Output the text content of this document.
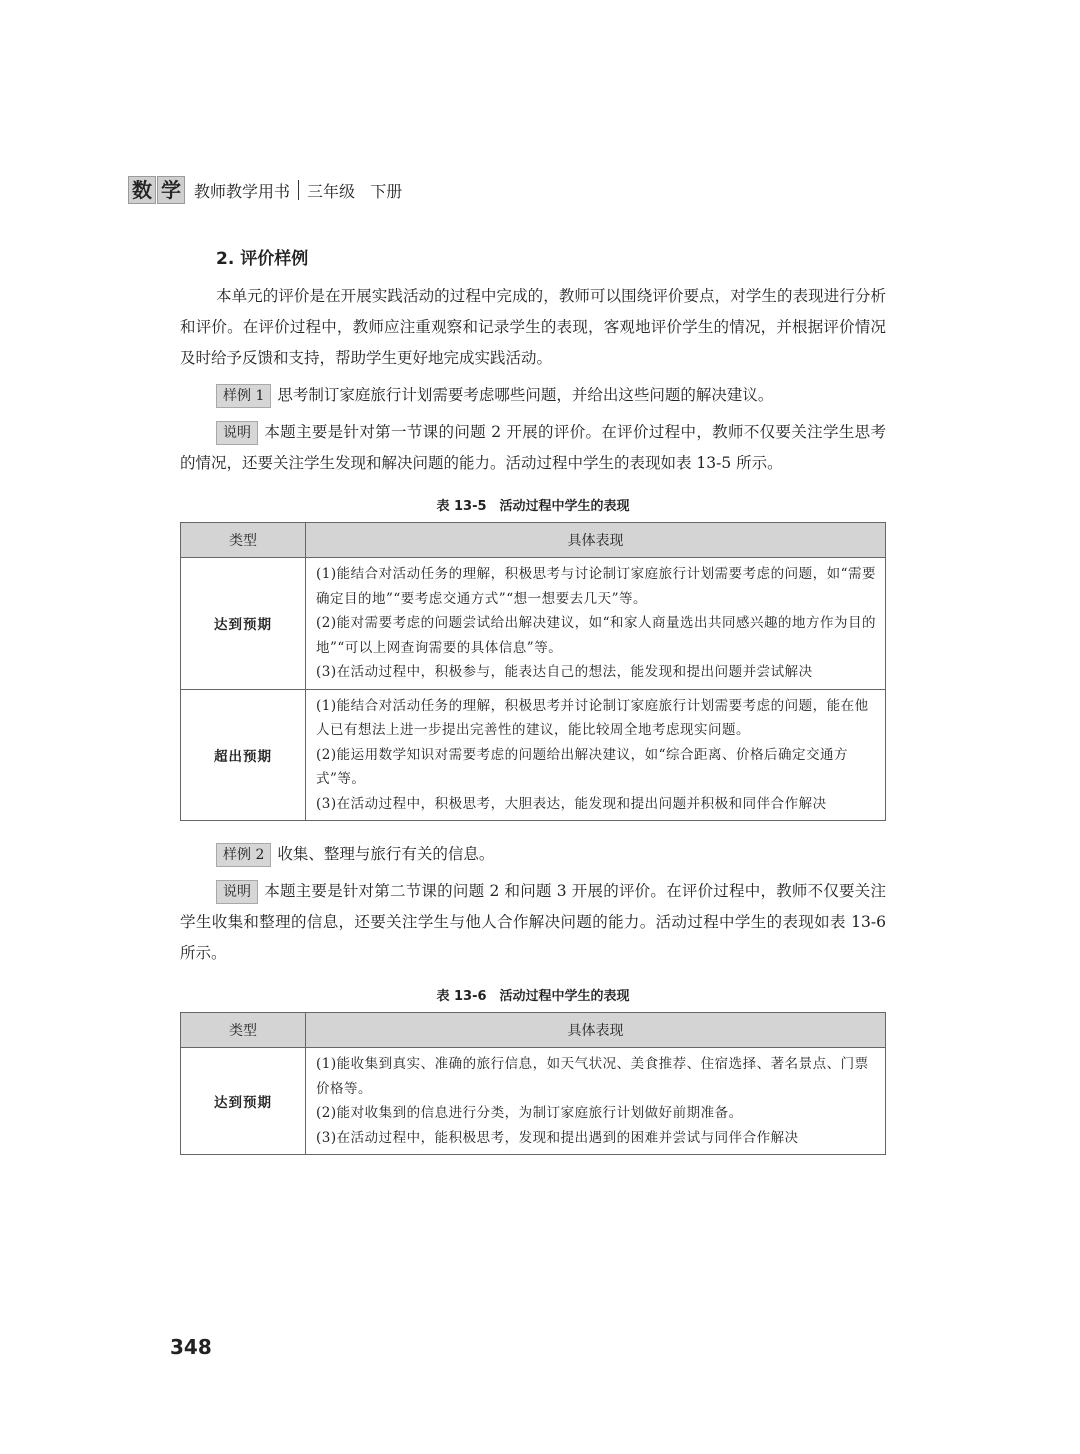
数 学 教师教学用书 三年级   下册
2. 评价样例

本单元的评价是在开展实践活动的过程中完成的，教师可以围绕评价要点，对学生的表现进行分析和评价。在评价过程中，教师应注重观察和记录学生的表现，客观地评价学生的情况，并根据评价情况及时给予反馈和支持，帮助学生更好地完成实践活动。

样例 1 思考制订家庭旅行计划需要考虑哪些问题，并给出这些问题的解决建议。

说明 本题主要是针对第一节课的问题 2 开展的评价。在评价过程中，教师不仅要关注学生思考的情况，还要关注学生发现和解决问题的能力。活动过程中学生的表现如表 13-5 所示。

表 13-5　活动过程中学生的表现
类型	具体表现
达到预期	(1)能结合对活动任务的理解，积极思考与讨论制订家庭旅行计划需要考虑的问题，如“需要确定目的地”“要考虑交通方式”“想一想要去几天”等。
(2)能对需要考虑的问题尝试给出解决建议，如“和家人商量选出共同感兴趣的地方作为目的地”“可以上网查询需要的具体信息”等。
(3)在活动过程中，积极参与，能表达自己的想法，能发现和提出问题并尝试解决

超出预期	(1)能结合对活动任务的理解，积极思考并讨论制订家庭旅行计划需要考虑的问题，能在他人已有想法上进一步提出完善性的建议，能比较周全地考虑现实问题。
(2)能运用数学知识对需要考虑的问题给出解决建议，如“综合距离、价格后确定交通方式”等。
(3)在活动过程中，积极思考，大胆表达，能发现和提出问题并积极和同伴合作解决

样例 2 收集、整理与旅行有关的信息。

说明 本题主要是针对第二节课的问题 2 和问题 3 开展的评价。在评价过程中，教师不仅要关注学生收集和整理的信息，还要关注学生与他人合作解决问题的能力。活动过程中学生的表现如表 13-6 所示。

表 13-6　活动过程中学生的表现
类型	具体表现
达到预期	(1)能收集到真实、准确的旅行信息，如天气状况、美食推荐、住宿选择、著名景点、门票价格等。
(2)能对收集到的信息进行分类，为制订家庭旅行计划做好前期准备。
(3)在活动过程中，能积极思考，发现和提出遇到的困难并尝试与同伴合作解决
348
